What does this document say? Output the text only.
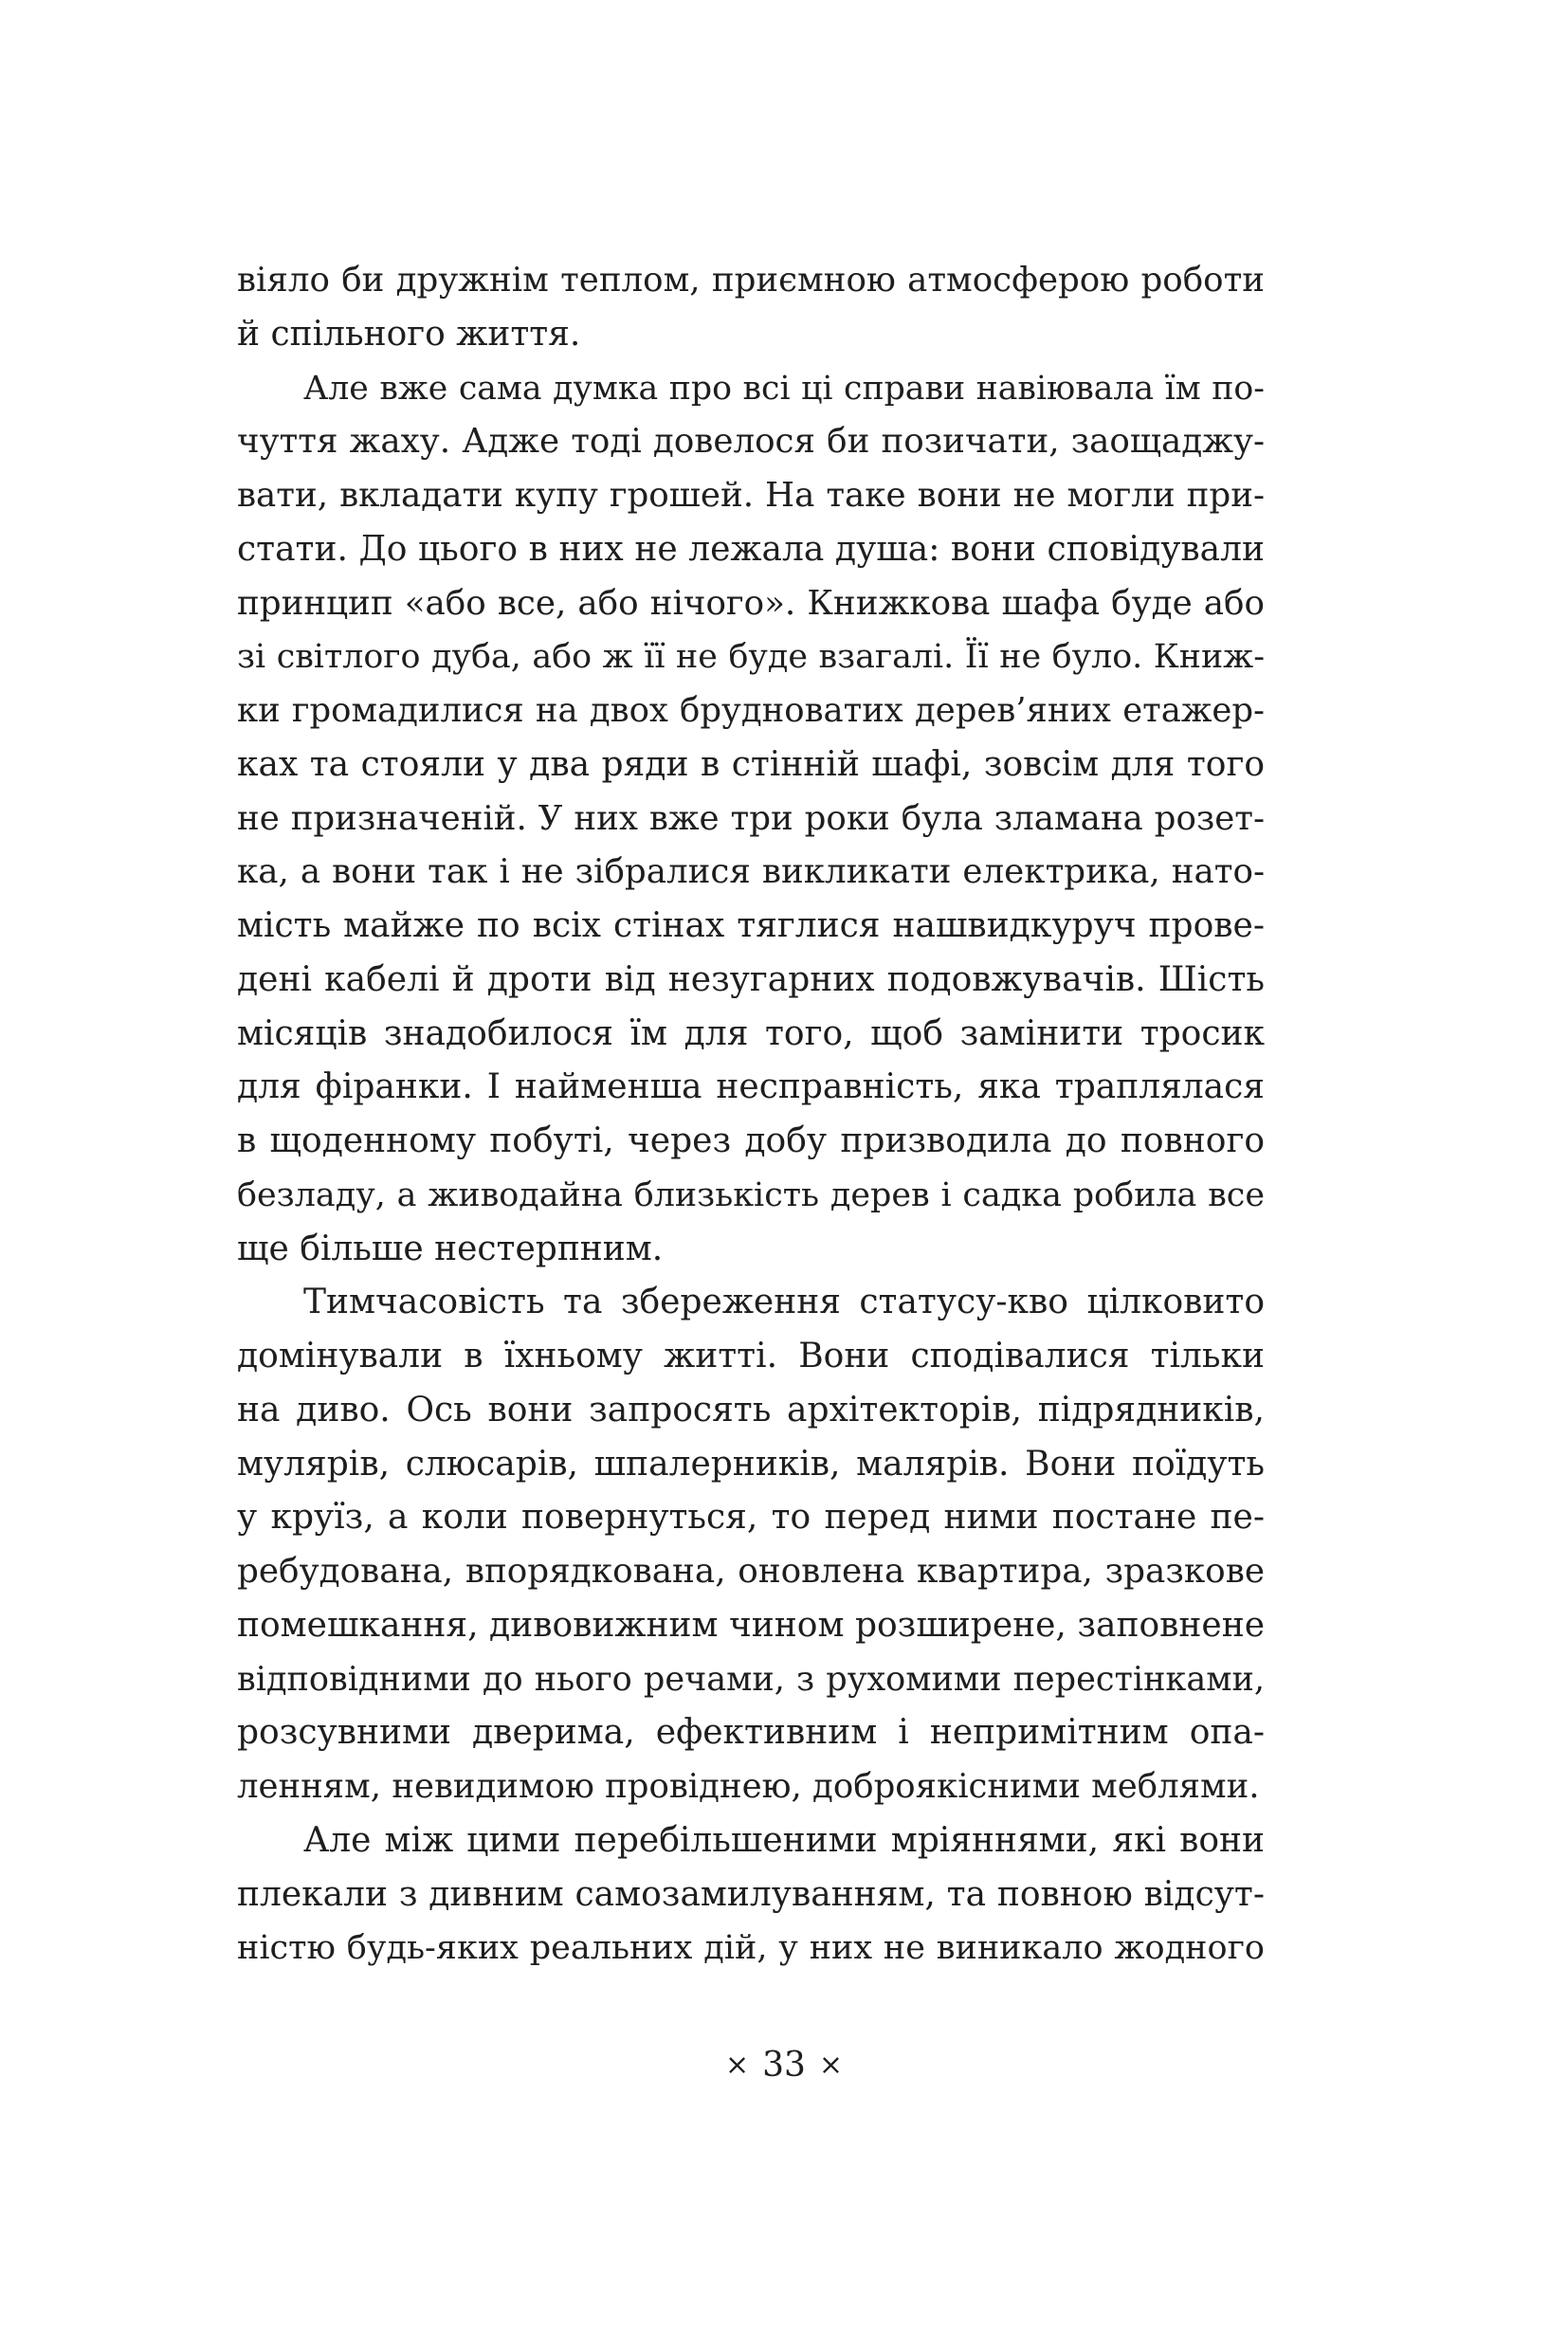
віяло би дружнім теплом, приємною атмосферою роботи
й спільного життя.
Але вже сама думка про всі ці справи навіювала їм по-
чуття жаху. Адже тоді довелося би позичати, заощаджу-
вати, вкладати купу грошей. На таке вони не могли при-
стати. До цього в них не лежала душа: вони сповідували
принцип «або все, або нічого». Книжкова шафа буде або
зі світлого дуба, або ж її не буде взагалі. Її не було. Книж-
ки громадилися на двох брудноватих дерев’яних етажер-
ках та стояли у два ряди в стінній шафі, зовсім для того
не призначеній. У них вже три роки була зламана розет-
ка, а вони так і не зібралися викликати електрика, нато-
мість майже по всіх стінах тяглися нашвидкуруч прове-
дені кабелі й дроти від незугарних подовжувачів. Шість
місяців знадобилося їм для того, щоб замінити тросик
для фіранки. І найменша несправність, яка траплялася
в щоденному побуті, через добу призводила до повного
безладу, а живодайна близькість дерев і садка робила все
ще більше нестерпним.
Тимчасовість та збереження статусу-кво цілковито
домінували в їхньому житті. Вони сподівалися тільки
на диво. Ось вони запросять архітекторів, підрядників,
мулярів, слюсарів, шпалерників, малярів. Вони поїдуть
у круїз, а коли повернуться, то перед ними постане пе-
ребудована, впорядкована, оновлена квартира, зразкове
помешкання, дивовижним чином розширене, заповнене
відповідними до нього речами, з рухомими перестінками,
розсувними дверима, ефективним і непримітним опа-
ленням, невидимою провіднею, доброякісними меблями.
Але між цими перебільшеними мріяннями, які вони
плекали з дивним самозамилуванням, та повною відсут-
ністю будь-яких реальних дій, у них не виникало жодного
× 33 ×
